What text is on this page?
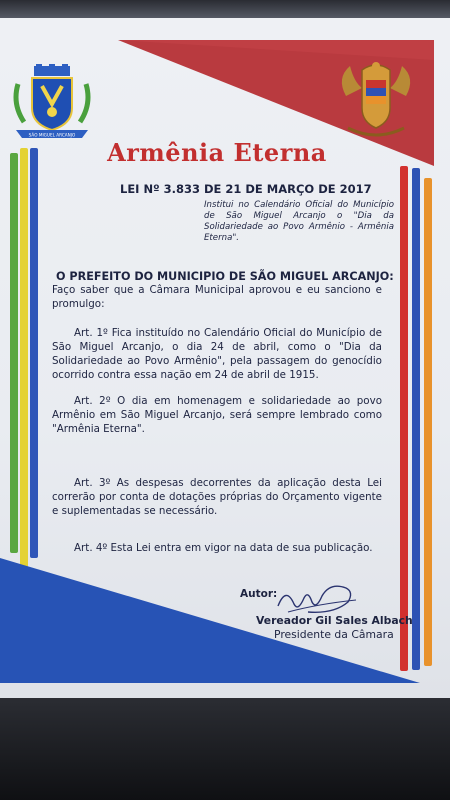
SÃO MIGUEL ARCANJO
Armênia Eterna
LEI Nº 3.833 DE 21 DE MARÇO DE 2017
Institui no Calendário Oficial do Município de São Miguel Arcanjo o "Dia da Solidariedade ao Povo Armênio - Armênia Eterna".
O PREFEITO DO MUNICIPIO DE SÃO MIGUEL ARCANJO:
Faço saber que a Câmara Municipal aprovou e eu sanciono e promulgo:
Art. 1º Fica instituído no Calendário Oficial do Município de São Miguel Arcanjo, o dia 24 de abril, como o "Dia da Solidariedade ao Povo Armênio", pela passagem do genocídio ocorrido contra essa nação em 24 de abril de 1915.
Art. 2º O dia em homenagem e solidariedade ao povo Armênio em São Miguel Arcanjo, será sempre lembrado como "Armênia Eterna".
Art. 3º As despesas decorrentes da aplicação desta Lei correrão por conta de dotações próprias do Orçamento vigente e suplementadas se necessário.
Art. 4º Esta Lei entra em vigor na data de sua publicação.
Autor:
Vereador Gil Sales Albach
Presidente da Câmara
